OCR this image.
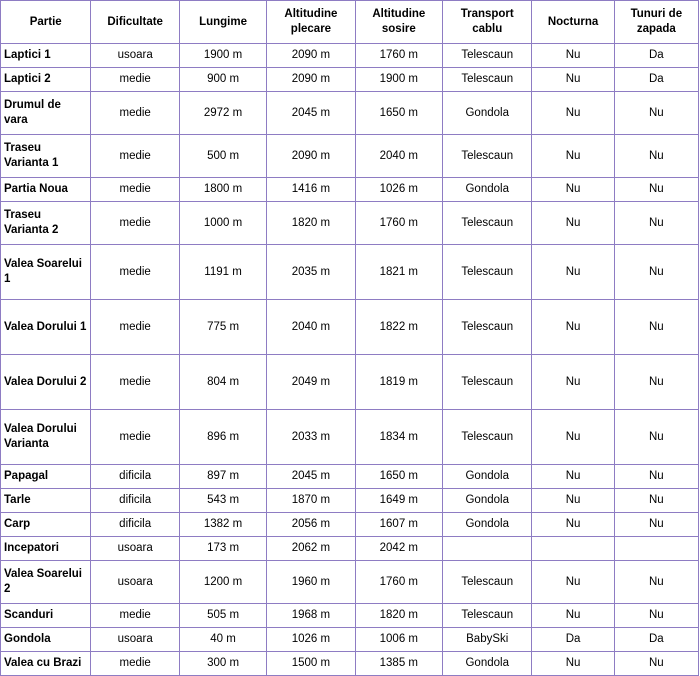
Partie	Dificultate	Lungime	Altitudine plecare	Altitudine sosire	Transport cablu	Nocturna	Tunuri de zapada
Laptici 1	usoara	1900 m	2090 m	1760 m	Telescaun	Nu	Da
Laptici 2	medie	900 m	2090 m	1900 m	Telescaun	Nu	Da
Drumul de vara	medie	2972 m	2045 m	1650 m	Gondola	Nu	Nu
Traseu Varianta 1	medie	500 m	2090 m	2040 m	Telescaun	Nu	Nu
Partia Noua	medie	1800 m	1416 m	1026 m	Gondola	Nu	Nu
Traseu Varianta 2	medie	1000 m	1820 m	1760 m	Telescaun	Nu	Nu
Valea Soarelui 1	medie	1191 m	2035 m	1821 m	Telescaun	Nu	Nu
Valea Dorului 1	medie	775 m	2040 m	1822 m	Telescaun	Nu	Nu
Valea Dorului 2	medie	804 m	2049 m	1819 m	Telescaun	Nu	Nu
Valea Dorului Varianta	medie	896 m	2033 m	1834 m	Telescaun	Nu	Nu
Papagal	dificila	897 m	2045 m	1650 m	Gondola	Nu	Nu
Tarle	dificila	543 m	1870 m	1649 m	Gondola	Nu	Nu
Carp	dificila	1382 m	2056 m	1607 m	Gondola	Nu	Nu
Incepatori	usoara	173 m	2062 m	2042 m			
Valea Soarelui 2	usoara	1200 m	1960 m	1760 m	Telescaun	Nu	Nu
Scanduri	medie	505 m	1968 m	1820 m	Telescaun	Nu	Nu
Gondola	usoara	40 m	1026 m	1006 m	BabySki	Da	Da
Valea cu Brazi	medie	300 m	1500 m	1385 m	Gondola	Nu	Nu
